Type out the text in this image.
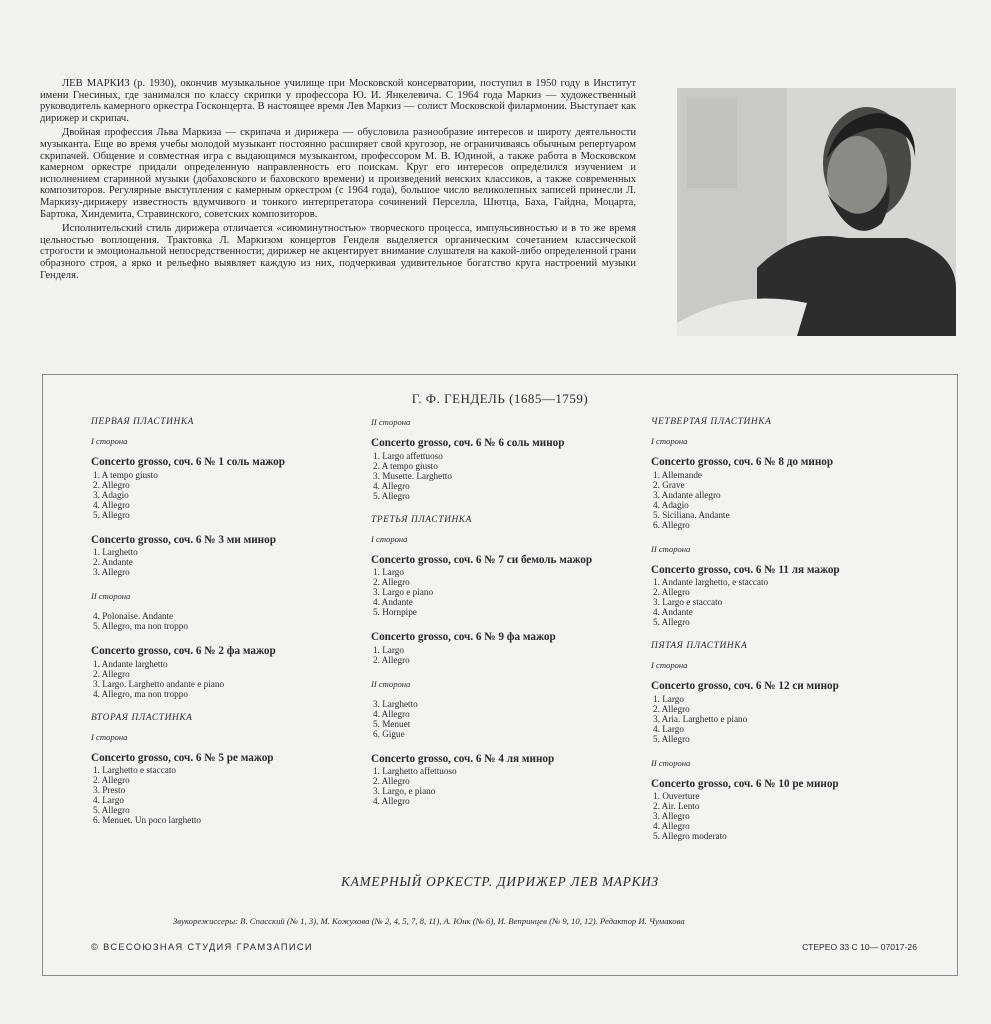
ЛЕВ МАРКИЗ (р. 1930), окончив музыкальное училище при Московской консерватории, поступил в 1950 году в Институт имени Гнесиных, где занимался по классу скрипки у профессора Ю. И. Янкелевича. С 1964 года Маркиз — художественный руководитель камерного оркестра Госконцерта. В настоящее время Лев Маркиз — солист Московской филармонии. Выступает как дирижер и скрипач.

Двойная профессия Льва Маркиза — скрипача и дирижера — обусловила разнообразие интересов и широту деятельности музыканта. Еще во время учебы молодой музыкант постоянно расширяет свой кругозор, не ограничиваясь обычным репертуаром скрипачей. Общение и совместная игра с выдающимся музыкантом, профессором М. В. Юдиной, а также работа в Московском камерном оркестре придали определенную направленность его поискам. Круг его интересов определился изучением и исполнением старинной музыки (добаховского и баховского времени) и произведений венских классиков, а также современных композиторов. Регулярные выступления с камерным оркестром (с 1964 года), большое число великолепных записей принесли Л. Маркизу-дирижеру известность вдумчивого и тонкого интерпретатора сочинений Перселла, Шютца, Баха, Гайдна, Моцарта, Бартока, Хиндемита, Стравинского, советских композиторов.

Исполнительский стиль дирижера отличается «сиюминутностью» творческого процесса, импульсивностью и в то же время цельностью воплощения. Трактовка Л. Маркизом концертов Генделя выделяется органическим сочетанием классической строгости и эмоциональной непосредственности; дирижер не акцентирует внимание слушателя на какой-либо определенной грани образного строя, а ярко и рельефно выявляет каждую из них, подчеркивая удивительное богатство круга настроений музыки Генделя.

Г. Ф. ГЕНДЕЛЬ (1685—1759)
ПЕРВАЯ ПЛАСТИНКА
I сторона
Concerto grosso, соч. 6 № 1 соль мажор
1. A tempo giusto
2. Allegro
3. Adagio
4. Allegro
5. Allegro
Concerto grosso, соч. 6 № 3 ми минор
1. Larghetto
2. Andante
3. Allegro
II сторона
4. Polonaise. Andante
5. Allegro, ma non troppo
Concerto grosso, соч. 6 № 2 фа мажор
1. Andante larghetto
2. Allegro
3. Largo. Larghetto andante e piano
4. Allegro, ma non troppo
ВТОРАЯ ПЛАСТИНКА
I сторона
Concerto grosso, соч. 6 № 5 ре мажор
1. Larghetto e staccato
2. Allegro
3. Presto
4. Largo
5. Allegro
6. Menuet. Un poco larghetto
II сторона
Concerto grosso, соч. 6 № 6 соль минор
1. Largo affettuoso
2. A tempo giusto
3. Musette. Larghetto
4. Allegro
5. Allegro
ТРЕТЬЯ ПЛАСТИНКА
I сторона
Concerto grosso, соч. 6 № 7 си бемоль мажор
1. Largo
2. Allegro
3. Largo e piano
4. Andante
5. Hornpipe
Concerto grosso, соч. 6 № 9 фа мажор
1. Largo
2. Allegro
II сторона
3. Larghetto
4. Allegro
5. Menuet
6. Gigue
Concerto grosso, соч. 6 № 4 ля минор
1. Larghetto affettuoso
2. Allegro
3. Largo, e piano
4. Allegro
ЧЕТВЕРТАЯ ПЛАСТИНКА
I сторона
Concerto grosso, соч. 6 № 8 до минор
1. Allemande
2. Grave
3. Andante allegro
4. Adagio
5. Siciliana. Andante
6. Allegro
II сторона
Concerto grosso, соч. 6 № 11 ля мажор
1. Andante larghetto, e staccato
2. Allegro
3. Largo e staccato
4. Andante
5. Allegro
ПЯТАЯ ПЛАСТИНКА
I сторона
Concerto grosso, соч. 6 № 12 си минор
1. Largo
2. Allegro
3. Aria. Larghetto e piano
4. Largo
5. Allegro
II сторона
Concerto grosso, соч. 6 № 10 ре минор
1. Ouverture
2. Air. Lento
3. Allegro
4. Allegro
5. Allegro moderato
КАМЕРНЫЙ ОРКЕСТР. ДИРИЖЕР ЛЕВ МАРКИЗ
Звукорежиссеры: В. Спасский (№ 1, 3), М. Кожухова (№ 2, 4, 5, 7, 8, 11), А. Юнк (№ 6), И. Вепринцев (№ 9, 10, 12). Редактор И. Чумакова
© ВСЕСОЮЗНАЯ СТУДИЯ ГРАМЗАПИСИ	СТЕРЕО 33 С 10— 07017-26
